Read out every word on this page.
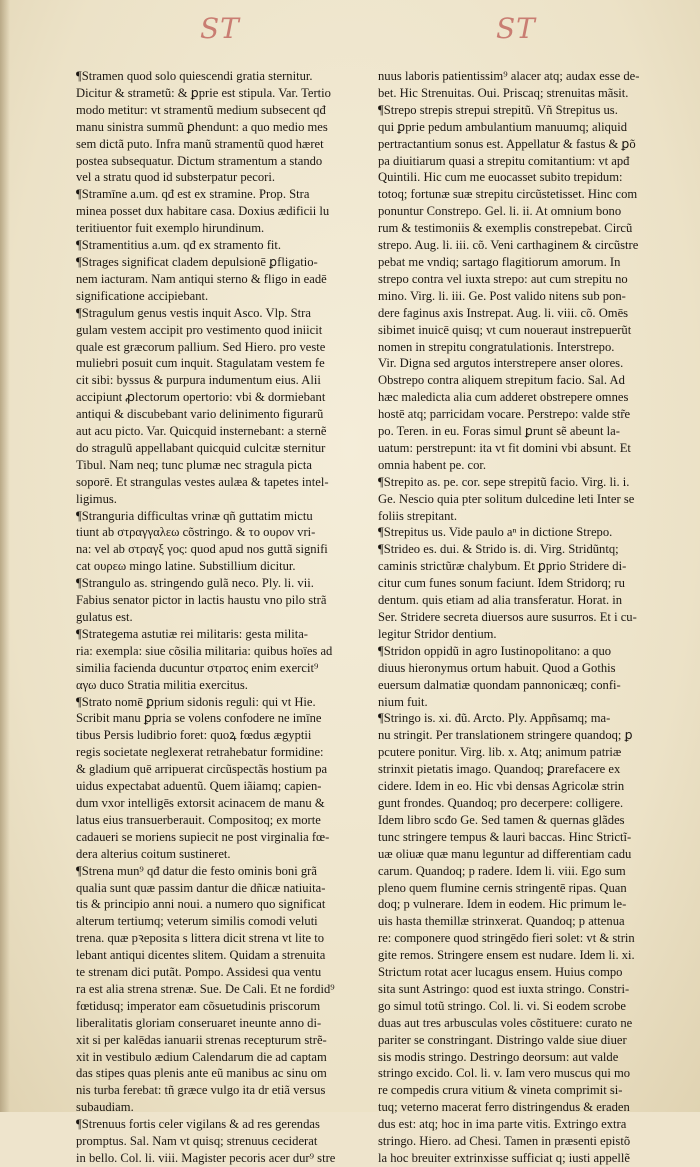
ST	ST
¶Stramen quod solo quiescendi gratia sternitur.
Dicitur & strametũ: & ꝑprie est stipula. Var. Tertio
modo metitur: vt stramentũ medium subsecent qđ
manu sinistra summũ ꝑhendunt: a quo medio mes
sem dictã puto. Infra manũ stramentũ quod hæret
postea subsequatur. Dictum stramentum a stando
vel a stratu quod id substerpatur pecori.
¶Stramīne a.um. qđ est ex stramine. Prop. Stra
minea posset dux habitare casa. Doxius ædificii lu
teritiuentor fuit exemplo hirundinum.
¶Stramentitius a.um. qđ ex stramento fit.
¶Strages significat cladem depulsionē ꝑfligatio-
nem iacturam. Nam antiqui sterno & fligo in eadē
significatione accipiebant.
¶Stragulum genus vestis inquit Asco. Vlp. Stra
gulam vestem accipit pro vestimento quod iniicit
quale est græcorum pallium. Sed Hiero. pro veste
muliebri posuit cum inquit. Stagulatam vestem fe
cit sibi: byssus & purpura indumentum eius. Alii
accipiunt ꝓlectorum opertorio: vbi & dormiebant
antiqui & discubebant vario delinimento figurarũ
aut acu picto. Var. Quicquid insternebant: a sternẽ
do stragulũ appellabant quicquid culcitæ sternitur
Tibul. Nam neq; tunc plumæ nec stragula picta
soporē. Et strangulas vestes aulæa & tapetes intel-
ligimus.
¶Stranguria difficultas vrinæ qñ guttatim mictu
tiunt ab στραγγαλεω cõstringo. & το ουρον vri-
na: vel ab στραγξ γος: quod apud nos guttã signifi
cat ουρεω mingo latine. Substillium dicitur.
¶Strangulo as. stringendo gulã neco. Ply. li. vii.
Fabius senator pictor in lactis haustu vno pilo strã
gulatus est.
¶Strategema astutiæ rei militaris: gesta milita-
ria: exempla: siue cõsilia militaria: quibus hoïes ad
similia facienda ducuntur στρατος enim exercit⁹
αγω duco Stratia militia exercitus.
¶Strato nomē ꝑprium sidonis reguli: qui vt Hie.
Scribit manu ꝑpria se volens confodere ne imīne
tibus Persis ludibrio foret: quoꝝ fœdus ægyptii
regis societate neglexerat retrahebatur formidine:
& gladium quē arripuerat circũspectãs hostium pa
uidus expectabat aduentũ. Quem iãiamq; capien-
dum vxor intelligēs extorsit acinacem de manu &
latus eius transuerberauit. Compositoq; ex morte
cadaueri se moriens supiecit ne post virginalia fœ-
dera alterius coitum sustineret.
¶Strena mun⁹ qđ datur die festo ominis boni grã
qualia sunt quæ passim dantur die dñicæ natiuita-
tis & principio anni noui. a numero quo significat
alterum tertiumq; veterum similis comodi veluti
trena. quæ pꝛeposita s littera dicit strena vt lite to
lebant antiqui dicentes slitem. Quidam a strenuita
te strenam dici putãt. Pompo. Assidesi qua ventu
ra est alia strena strenæ. Sue. De Cali. Et ne fordid⁹
fœtidusq; imperator eam cõsuetudinis priscorum
liberalitatis gloriam conseruaret ineunte anno di-
xit si per kalēdas ianuarii strenas recepturum strẽ-
xit in vestibulo ædium Calendarum die ad captam
das stipes quas plenis ante eũ manibus ac sinu om
nis turba ferebat: tñ græce vulgo ita dr etiã versus
subaudiam.
¶Strenuus fortis celer vigilans & ad res gerendas
promptus. Sal. Nam vt quisq; strenuus ceciderat
in bello. Col. li. viii. Magister pecoris acer dur⁹ stre
nuus laboris patientissim⁹ alacer atq; audax esse de-
bet. Hic Strenuitas. Oui. Priscaq; strenuitas mãsit.
¶Strepo strepis strepui strepitũ. Vñ Strepitus us.
qui ꝑprie pedum ambulantium manuumq; aliquid
pertractantium sonus est. Appellatur & fastus & ꝑõ
pa diuitiarum quasi a strepitu comitantium: vt apđ
Quintili. Hic cum me euocasset subito trepidum:
totoq; fortunæ suæ strepitu circũstetisset. Hinc com
ponuntur Constrepo. Gel. li. ii. At omnium bono
rum & testimoniis & exemplis constrepebat. Circũ
strepo. Aug. li. iii. cõ. Veni carthaginem & circũstre
pebat me vndiq; sartago flagitiorum amorum. In
strepo contra vel iuxta strepo: aut cum strepitu no
mino. Virg. li. iii. Ge. Post valido nitens sub pon-
dere faginus axis Instrepat. Aug. li. viii. cõ. Omēs
sibimet inuicē quisq; vt cum noueraut instrepuerũt
nomen in strepitu congratulationis. Interstrepo.
Vir. Digna sed argutos interstrepere anser olores.
Obstrepo contra aliquem strepitum facio. Sal. Ad
hæc maledicta alia cum adderet obstrepere omnes
hostē atq; parricidam vocare. Perstrepo: valde str̃e
po. Teren. in eu. Foras simul ꝑrunt sẽ abeunt la-
uatum: perstrepunt: ita vt fit domini vbi absunt. Et
omnia habent pe. cor.
¶Strepito as. pe. cor. sepe strepitũ facio. Virg. li. i.
Ge. Nescio quia pter solitum dulcedine leti Inter se
foliis strepitant.
¶Strepitus us. Vide paulo aⁿ in dictione Strepo.
¶Strideo es. dui. & Strido is. di. Virg. Stridũntq;
caminis strictũræ chalybum. Et ꝑprio Stridere di-
citur cum funes sonum faciunt. Idem Stridorq; ru
dentum. quis etiam ad alia transferatur. Horat. in
Ser. Stridere secreta diuersos aure susurros. Et i cu-
legitur Stridor dentium.
¶Stridon oppidũ in agro Iustinopolitano: a quo
diuus hieronymus ortum habuit. Quod a Gothis
euersum dalmatiæ quondam pannonicæq; confi-
nium fuit.
¶Stringo is. xi. đũ. Arcto. Ply. Appñsamq; ma-
nu stringit. Per translationem stringere quandoq; ꝑ
pcutere ponitur. Virg. lib. x. Atq; animum patriæ
strinxit pietatis imago. Quandoq; ꝑrarefacere ex
cidere. Idem in eo. Hic vbi densas Agricolæ strin
gunt frondes. Quandoq; pro decerpere: colligere.
Idem libro scđo Ge. Sed tamen & quernas glãdes
tunc stringere tempus & lauri baccas. Hinc Strictĩ-
uæ oliuæ quæ manu leguntur ad differentiam cadu
carum. Quandoq; p radere. Idem li. viii. Ego sum
pleno quem flumine cernis stringentē ripas. Quan
doq; p vulnerare. Idem in eodem. Hic primum le-
uis hasta themillæ strinxerat. Quandoq; p attenua
re: componere quod stringēdo fieri solet: vt & strin
gite remos. Stringere ensem est nudare. Idem li. xi.
Strictum rotat acer lucagus ensem. Huius compo
sita sunt Astringo: quod est iuxta stringo. Constri-
go simul totũ stringo. Col. li. vi. Si eodem scrobe
duas aut tres arbusculas voles cõstituere: curato ne
pariter se constringant. Distringo valde siue diuer
sis modis stringo. Destringo deorsum: aut valde
stringo excido. Col. li. v. Iam vero muscus qui mo
re compedis crura vitium & vineta comprimit si-
tuq; veterno macerat ferro distringendus & eraden
dus est: atq; hoc in ima parte vitis. Extringo extra
stringo. Hiero. ad Chesi. Tamen in præsenti epistõ
la hoc breuiter extrinxisse sufficiat q; iusti appellẽ
